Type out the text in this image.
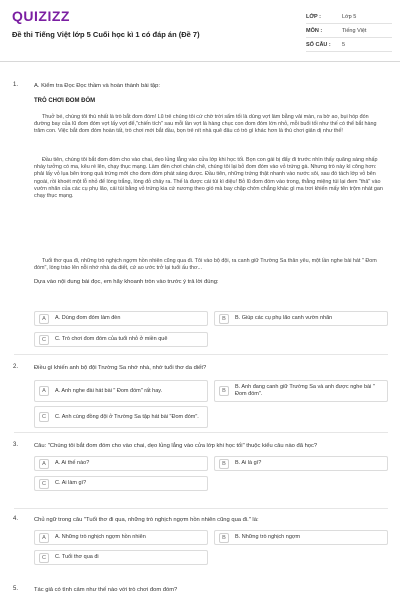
QUIZIZZ
Đề thi Tiếng Việt lớp 5 Cuối học kì 1 có đáp án (Đề 7)
LỚP :	Lớp 5
MÔN :	Tiếng Việt
SỐ CÂU :	5
1.	A. Kiểm tra Đọc Đọc thầm và hoàn thành bài tập:
TRÒ CHƠI ĐOM ĐÓM
Thuở bé, chúng tôi thú nhất là trò bắt đom đóm! Lũ trẻ chúng tôi cứ chờ trời sẩm tối là dùng vợt làm bằng vải màn, ra bờ ao, bụi hóp đón đường bay của lũ đom đóm vợt lấy vợt để,"chiến tích" sau mỗi lần vợt là hàng chục con đom đóm lớn nhỏ, mỗi buổi tối như thế có thể bắt hàng trăm con. Việc bắt đom đóm hoàn tất, trò chơi mới bắt đầu, bọn trẻ nít nhà quê đâu có trò gì khác hơn là thú chơi giản dị như thế!
Đầu tiên, chúng tôi bắt đom đóm cho vào chai, dẹo lủng lẳng vào cửa lớp khi học tối. Bọn con gái bị đẩy đi trước nhìn thấy quãng sáng nhấp nháy tưởng có ma, kêu ré lên, chạy thục mạng. Làm đèn chơi chán chê, chúng tôi lại bỏ đom đóm vào vỏ trứng gà. Nhưng trò này kì công hơn: phải lấy vỏ lụa bên trong quả trứng mới cho đom đóm phát sáng được. Đầu tiên, những trứng thật nhanh vào nước sôi, sau đó tách lớp vỏ bên ngoài, rồi khoét một lỗ nhỏ để lòng trắng, lòng đỏ chảy ra. Thế là được cái túi kì diệu! Bỏ lũ đom đóm vào trong, thằng miệng túi lại đem "thả" vào vườn nhãn của các cụ phụ lão, cái túi bằng vỏ trứng kia cứ nương theo gió mà bay chập chờn chẳng khác gì ma trơi khiến mấy tên trộm nhát gan chạy thục mạng.
Tuổi thơ qua đi, những trò nghịch ngợm hồn nhiên cũng qua đi. Tôi vào bộ đội, ra canh giữ Trường Sa thân yêu, một lần nghe bài hát " Đom đóm", lòng trào lên nỗi nhớ nhà da diết, cứ ao ước trở lại tuổi ấu thơ...
Dựa vào nội dung bài đọc, em hãy khoanh tròn vào trước ý trả lời đúng:
A	A. Dùng đom đóm làm đèn	B	B. Giúp các cụ phụ lão canh vườn nhãn
C	C. Trò chơi đom đóm của tuổi nhỏ ở miền quê
2.	Điều gì khiến anh bộ đội Trường Sa nhớ nhà, nhớ tuổi thơ da diết?
A	A. Anh nghe đài hát bài " Đom đóm" rất hay.	B
B. Anh đang canh giữ Trường Sa và anh được nghe bài " Đom đóm".
C	C. Anh cùng đồng đội ở Trường Sa tập hát bài "Đom đóm".
3.	Câu: "Chúng tôi bắt đom đóm cho vào chai, dẹo lủng lẳng vào cửa lớp khi học tối" thuộc kiểu câu nào đã học?
A	A. Ai thế nào?	B	B. Ai là gì?
C	C. Ai làm gì?
4.	Chủ ngữ trong câu "Tuổi thơ đi qua, những trò nghịch ngợm hồn nhiên cũng qua đi." là:
A	A. Những trò nghịch ngợm hồn nhiên	B	B. Những trò nghịch ngợm
C	C. Tuổi thơ qua đi
5.	Tác giả có tình cảm như thế nào với trò chơi đom đóm?
